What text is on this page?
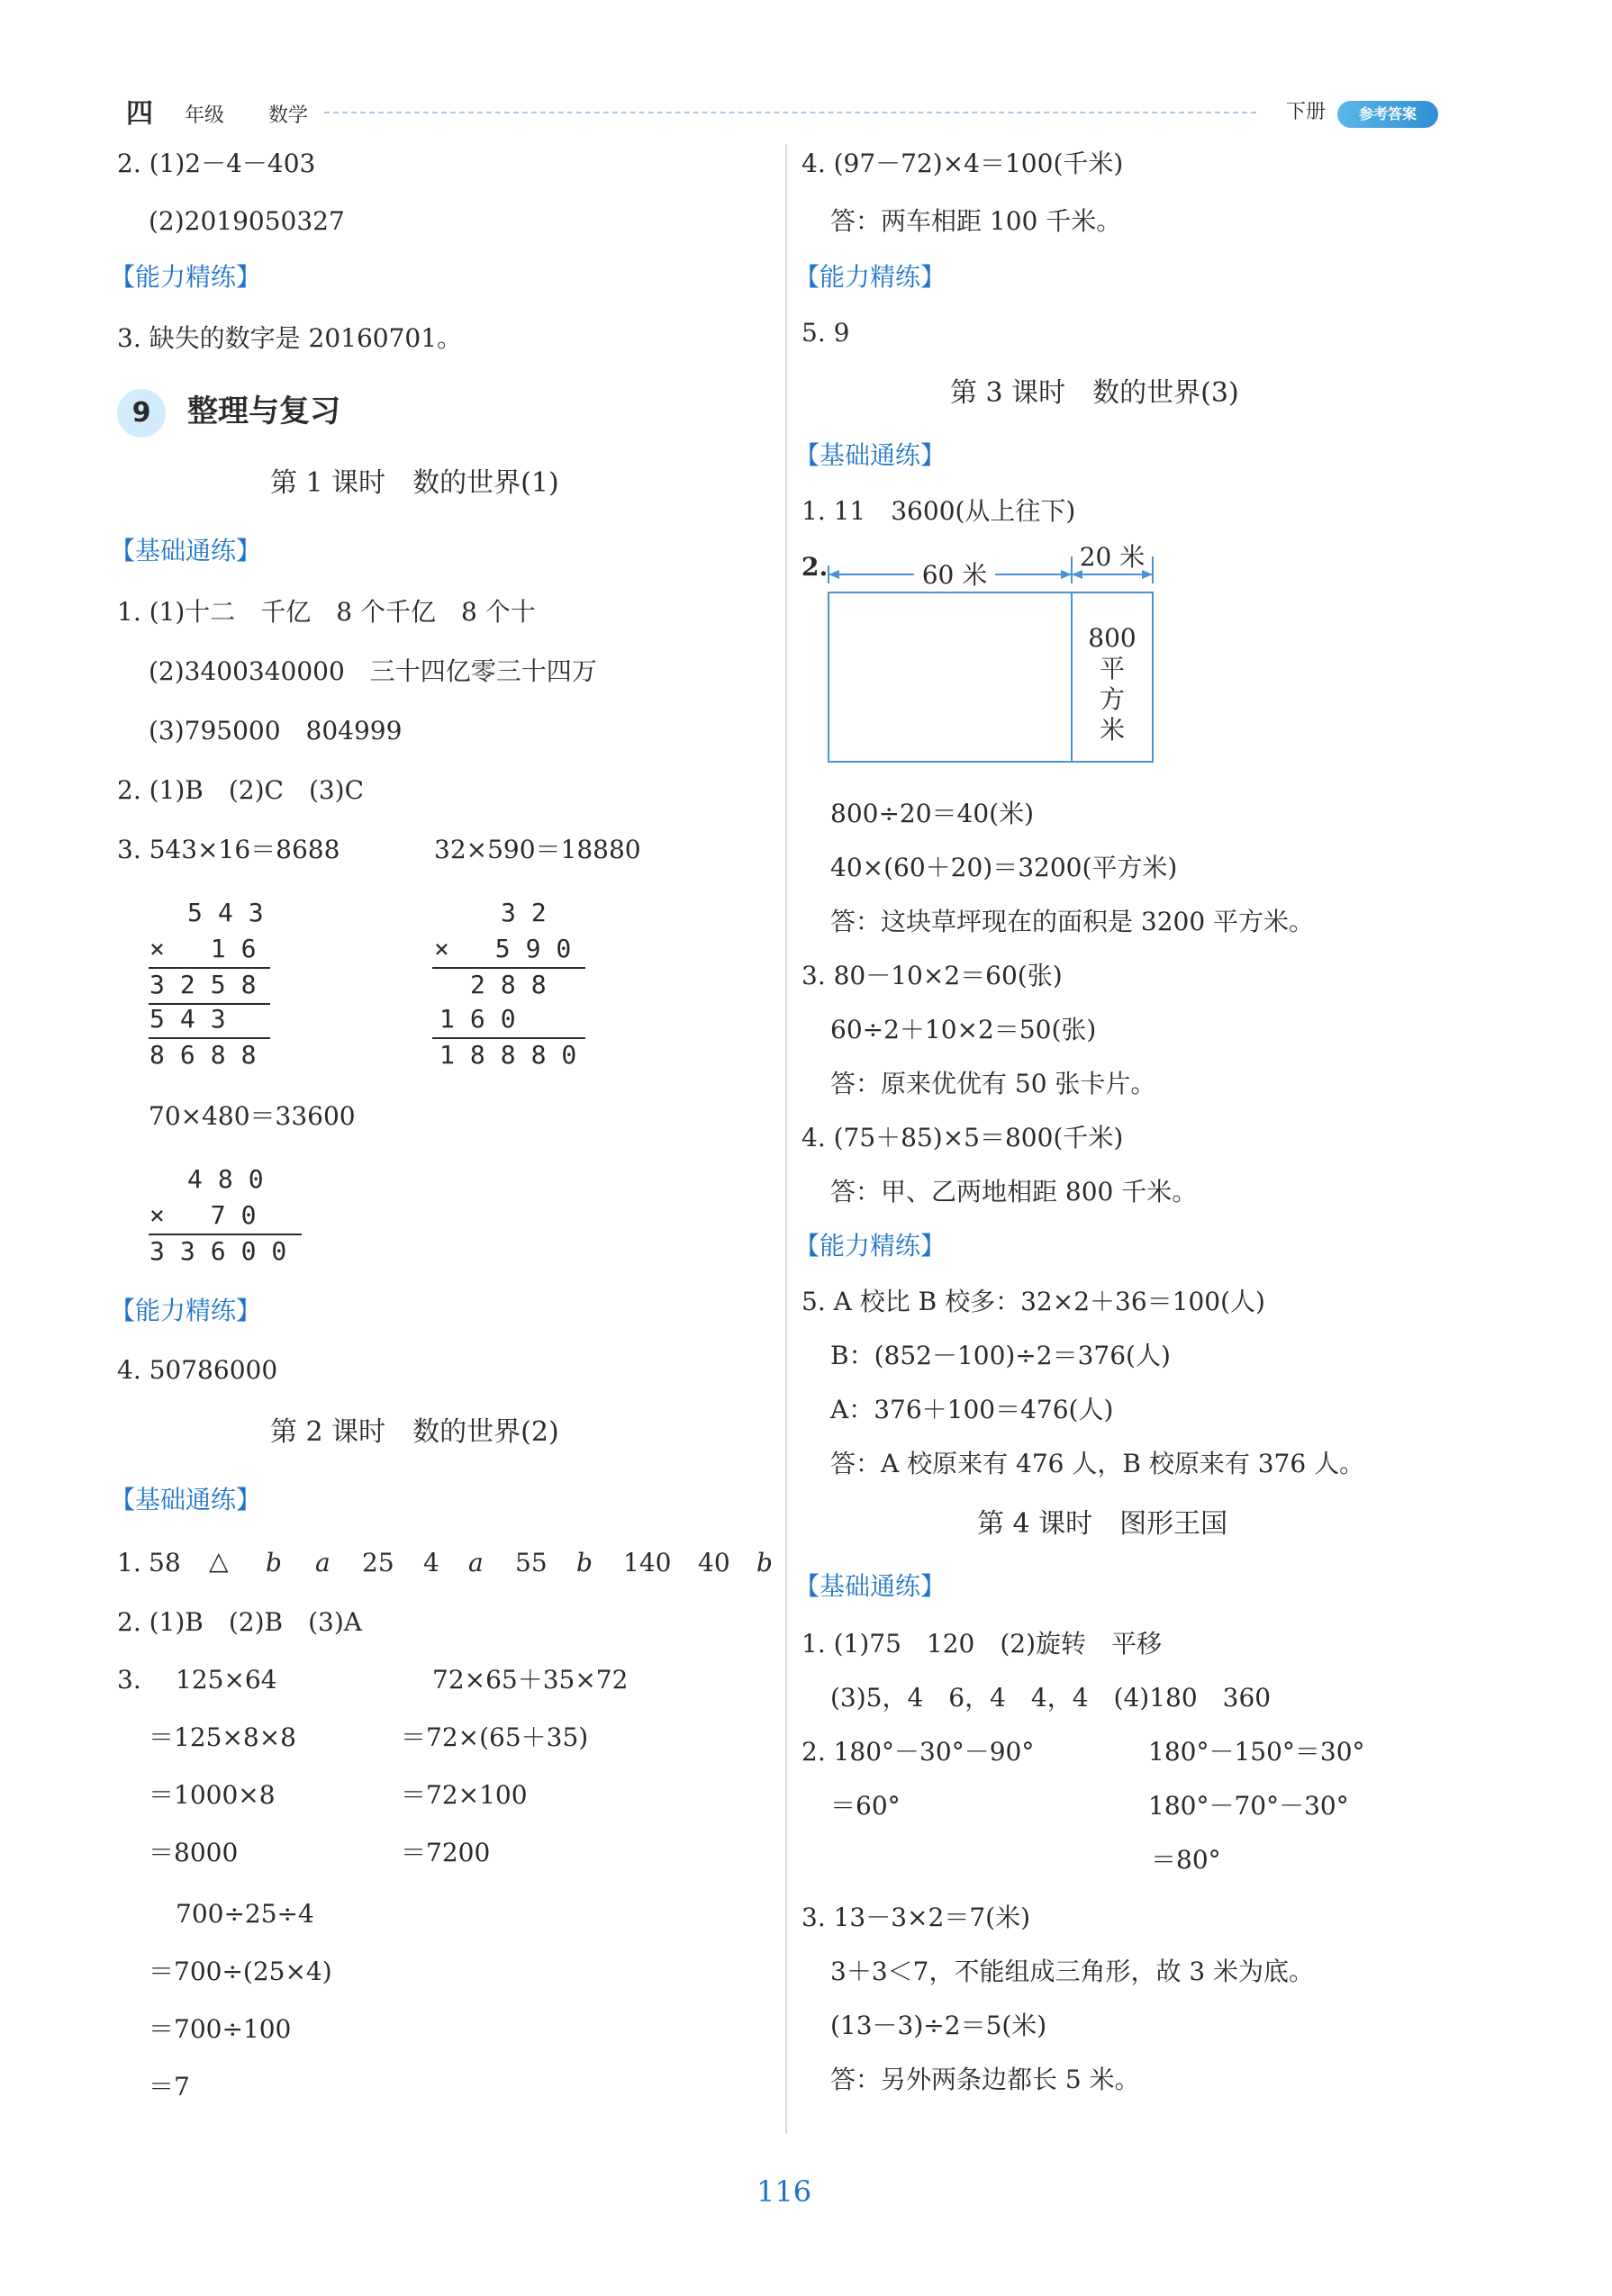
四 年级 数学	下册	参考答案
2. (1)2－4－403
(2)2019050327
【能力精练】
3. 缺失的数字是 20160701。
9	整理与复习
第 1 课时　数的世界(1)
【基础通练】
1. (1)十二　千亿　8 个千亿　8 个十
(2)3400340000　三十四亿零三十四万
(3)795000　804999
2. (1)B　(2)C　(3)C
3. 543×16＝8688	32×590＝18880
543
× 16
3258
543
8688
32
× 590
288
160
18880
70×480＝33600
480
× 70
33600
【能力精练】
4. 50786000
第 2 课时　数的世界(2)
【基础通练】
1. 58 △ b a 25 4 a 55 b 140 40 b
2. (1)B　(2)B　(3)A
3. 125×64
＝125×8×8
＝1000×8
＝8000
72×65＋35×72
＝72×(65＋35)
＝72×100
＝7200
700÷25÷4
＝700÷(25×4)
＝700÷100
＝7
4. (97－72)×4＝100(千米)
答：两车相距 100 千米。
【能力精练】
5. 9
第 3 课时　数的世界(3)
【基础通练】
1. 11　3600(从上往下)
2.	60 米
20 米
800
平
方
米
800÷20＝40(米)
40×(60＋20)＝3200(平方米)
答：这块草坪现在的面积是 3200 平方米。
3. 80－10×2＝60(张)
60÷2＋10×2＝50(张)
答：原来优优有 50 张卡片。
4. (75＋85)×5＝800(千米)
答：甲、乙两地相距 800 千米。
【能力精练】
5. A 校比 B 校多：32×2＋36＝100(人)
B：(852－100)÷2＝376(人)
A：376＋100＝476(人)
答：A 校原来有 476 人，B 校原来有 376 人。
第 4 课时　图形王国
【基础通练】
1. (1)75　120　(2)旋转　平移
(3)5，4　6，4　4，4　(4)180　360
2. 180°－30°－90°	180°－150°＝30°
＝60°	180°－70°－30°
＝80°
3. 13－3×2＝7(米)
3＋3＜7，不能组成三角形，故 3 米为底。
(13－3)÷2＝5(米)
答：另外两条边都长 5 米。
116
